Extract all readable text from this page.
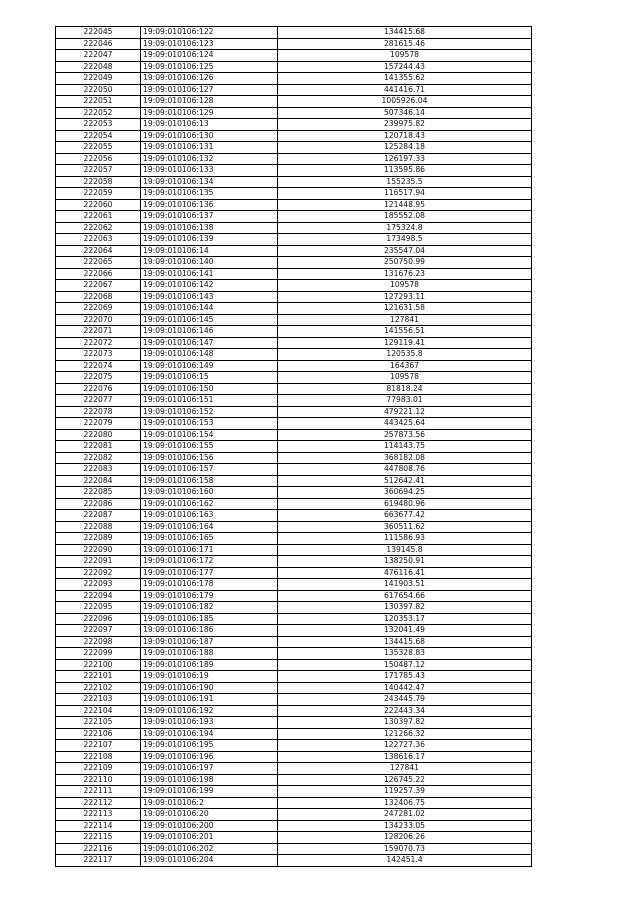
222045	19:09:010106:122	134415.68
222046	19:09:010106:123	281615.46
222047	19:09:010106:124	109578
222048	19:09:010106:125	157244.43
222049	19:09:010106:126	141355.62
222050	19:09:010106:127	441416.71
222051	19:09:010106:128	1005926.04
222052	19:09:010106:129	507346.14
222053	19:09:010106:13	239975.82
222054	19:09:010106:130	120718.43
222055	19:09:010106:131	125284.18
222056	19:09:010106:132	126197.33
222057	19:09:010106:133	113595.86
222058	19:09:010106:134	155235.5
222059	19:09:010106:135	116517.94
222060	19:09:010106:136	121448.95
222061	19:09:010106:137	185552.08
222062	19:09:010106:138	175324.8
222063	19:09:010106:139	173498.5
222064	19:09:010106:14	235547.04
222065	19:09:010106:140	250750.99
222066	19:09:010106:141	131676.23
222067	19:09:010106:142	109578
222068	19:09:010106:143	127293.11
222069	19:09:010106:144	121631.58
222070	19:09:010106:145	127841
222071	19:09:010106:146	141556.51
222072	19:09:010106:147	129119.41
222073	19:09:010106:148	120535.8
222074	19:09:010106:149	164367
222075	19:09:010106:15	109578
222076	19:09:010106:150	81818.24
222077	19:09:010106:151	77983.01
222078	19:09:010106:152	479221.12
222079	19:09:010106:153	443425.64
222080	19:09:010106:154	257873.56
222081	19:09:010106:155	114143.75
222082	19:09:010106:156	368182.08
222083	19:09:010106:157	447808.76
222084	19:09:010106:158	512642.41
222085	19:09:010106:160	360694.25
222086	19:09:010106:162	619480.96
222087	19:09:010106:163	663677.42
222088	19:09:010106:164	360511.62
222089	19:09:010106:165	111586.93
222090	19:09:010106:171	139145.8
222091	19:09:010106:172	138250.91
222092	19:09:010106:177	476116.41
222093	19:09:010106:178	141903.51
222094	19:09:010106:179	617654.66
222095	19:09:010106:182	130397.82
222096	19:09:010106:185	120353.17
222097	19:09:010106:186	132041.49
222098	19:09:010106:187	134415.68
222099	19:09:010106:188	135328.83
222100	19:09:010106:189	150487.12
222101	19:09:010106:19	171785.43
222102	19:09:010106:190	140442.47
222103	19:09:010106:191	243445.79
222104	19:09:010106:192	222443.34
222105	19:09:010106:193	130397.82
222106	19:09:010106:194	121266.32
222107	19:09:010106:195	122727.36
222108	19:09:010106:196	138616.17
222109	19:09:010106:197	127841
222110	19:09:010106:198	126745.22
222111	19:09:010106:199	119257.39
222112	19:09:010106:2	132406.75
222113	19:09:010106:20	247281.02
222114	19:09:010106:200	134233.05
222115	19:09:010106:201	128206.26
222116	19:09:010106:202	159070.73
222117	19:09:010106:204	142451.4
